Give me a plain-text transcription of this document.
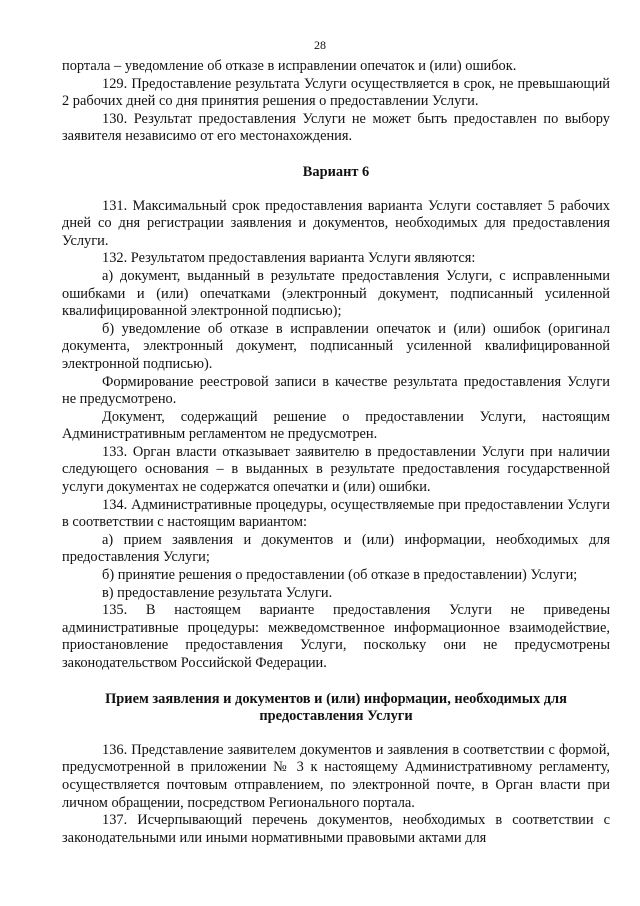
28

портала – уведомление об отказе в исправлении опечаток и (или) ошибок.

129. Предоставление результата Услуги осуществляется в срок, не превышающий 2 рабочих дней со дня принятия решения о предоставлении Услуги.

130. Результат предоставления Услуги не может быть предоставлен по выбору заявителя независимо от его местонахождения.

Вариант 6

131. Максимальный срок предоставления варианта Услуги составляет 5 рабочих дней со дня регистрации заявления и документов, необходимых для предоставления Услуги.

132. Результатом предоставления варианта Услуги являются:

а) документ, выданный в результате предоставления Услуги, с исправленными ошибками и (или) опечатками (электронный документ, подписанный усиленной квалифицированной электронной подписью);

б) уведомление об отказе в исправлении опечаток и (или) ошибок (оригинал документа, электронный документ, подписанный усиленной квалифицированной электронной подписью).

Формирование реестровой записи в качестве результата предоставления Услуги не предусмотрено.

Документ, содержащий решение о предоставлении Услуги, настоящим Административным регламентом не предусмотрен.

133. Орган власти отказывает заявителю в предоставлении Услуги при наличии следующего основания – в выданных в результате предоставления государственной услуги документах не содержатся опечатки и (или) ошибки.

134. Административные процедуры, осуществляемые при предоставлении Услуги в соответствии с настоящим вариантом:

а) прием заявления и документов и (или) информации, необходимых для предоставления Услуги;

б) принятие решения о предоставлении (об отказе в предоставлении) Услуги;

в) предоставление результата Услуги.

135. В настоящем варианте предоставления Услуги не приведены административные процедуры: межведомственное информационное взаимодействие, приостановление предоставления Услуги, поскольку они не предусмотрены законодательством Российской Федерации.

Прием заявления и документов и (или) информации, необходимых для
предоставления Услуги

136. Представление заявителем документов и заявления в соответствии с формой, предусмотренной в приложении № 3 к настоящему Административному регламенту, осуществляется почтовым отправлением, по электронной почте, в Орган власти при личном обращении, посредством Регионального портала.

137. Исчерпывающий перечень документов, необходимых в соответствии с законодательными или иными нормативными правовыми актами для
